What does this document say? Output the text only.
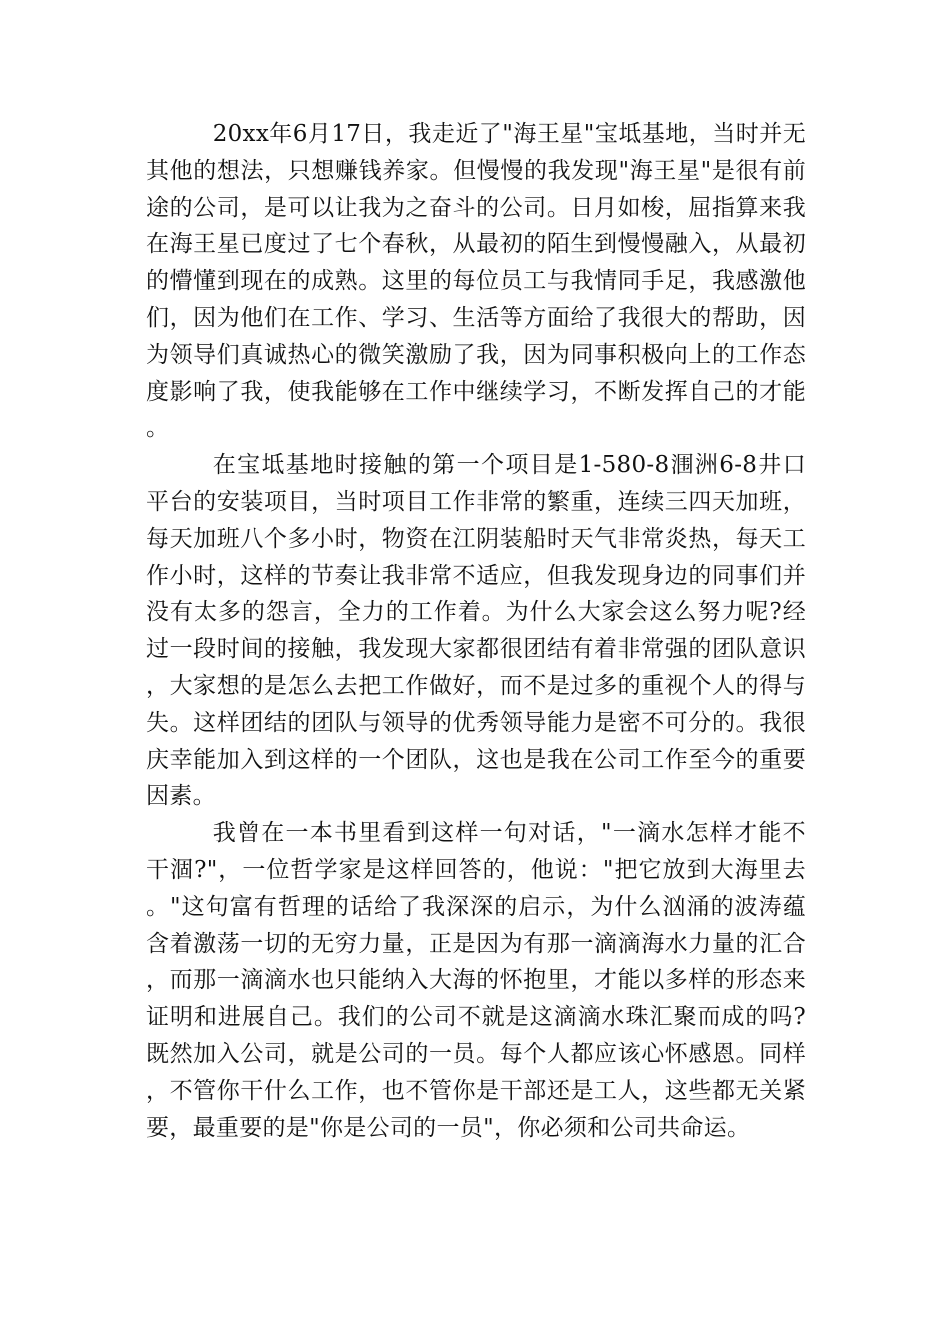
20xx年6月17日，我走近了"海王星"宝坻基地，当时并无其他的想法，只想赚钱养家。但慢慢的我发现"海王星"是很有前途的公司，是可以让我为之奋斗的公司。日月如梭，屈指算来我在海王星已度过了七个春秋，从最初的陌生到慢慢融入，从最初的懵懂到现在的成熟。这里的每位员工与我情同手足，我感激他们，因为他们在工作、学习、生活等方面给了我很大的帮助，因为领导们真诚热心的微笑激励了我，因为同事积极向上的工作态度影响了我，使我能够在工作中继续学习，不断发挥自己的才能。

在宝坻基地时接触的第一个项目是1-580-8涠洲6-8井口平台的安装项目，当时项目工作非常的繁重，连续三四天加班，每天加班八个多小时，物资在江阴装船时天气非常炎热，每天工作小时，这样的节奏让我非常不适应，但我发现身边的同事们并没有太多的怨言，全力的工作着。为什么大家会这么努力呢?经过一段时间的接触，我发现大家都很团结有着非常强的团队意识，大家想的是怎么去把工作做好，而不是过多的重视个人的得与失。这样团结的团队与领导的优秀领导能力是密不可分的。我很庆幸能加入到这样的一个团队，这也是我在公司工作至今的重要因素。

我曾在一本书里看到这样一句对话，"一滴水怎样才能不干涸?"，一位哲学家是这样回答的，他说："把它放到大海里去。"这句富有哲理的话给了我深深的启示，为什么汹涌的波涛蕴含着激荡一切的无穷力量，正是因为有那一滴滴海水力量的汇合，而那一滴滴水也只能纳入大海的怀抱里，才能以多样的形态来证明和进展自己。我们的公司不就是这滴滴水珠汇聚而成的吗?既然加入公司，就是公司的一员。每个人都应该心怀感恩。同样，不管你干什么工作，也不管你是干部还是工人，这些都无关紧要，最重要的是"你是公司的一员"，你必须和公司共命运。
